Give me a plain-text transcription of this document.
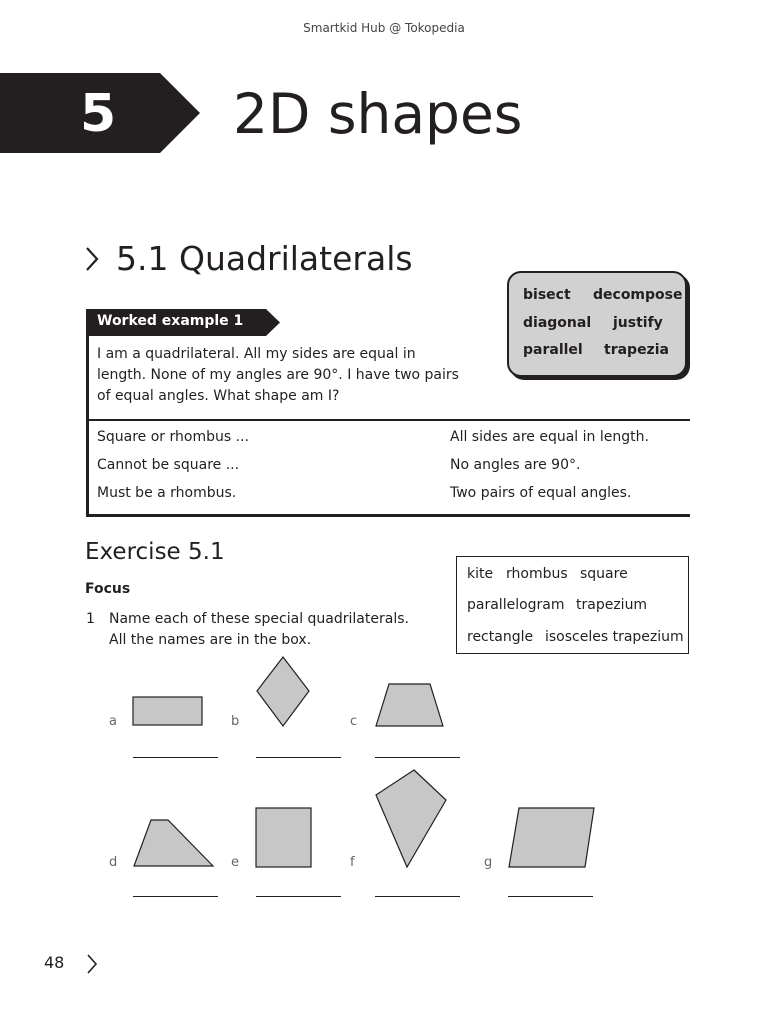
Smartkid Hub @ Tokopedia
5 2D shapes
5.1 Quadrilaterals
bisect decompose
diagonal justify
parallel trapezia
Worked example 1
I am a quadrilateral. All my sides are equal in length. None of my angles are 90°. I have two pairs of equal angles. What shape am I?
Square or rhombus ...	All sides are equal in length.
Cannot be square ...	No angles are 90°.
Must be a rhombus.	Two pairs of equal angles.
Exercise 5.1
Focus
1 Name each of these special quadrilaterals. All the names are in the box.
kite rhombus square
parallelogram trapezium
rectangle isosceles trapezium
a	b	c
d	e	f	g
48
